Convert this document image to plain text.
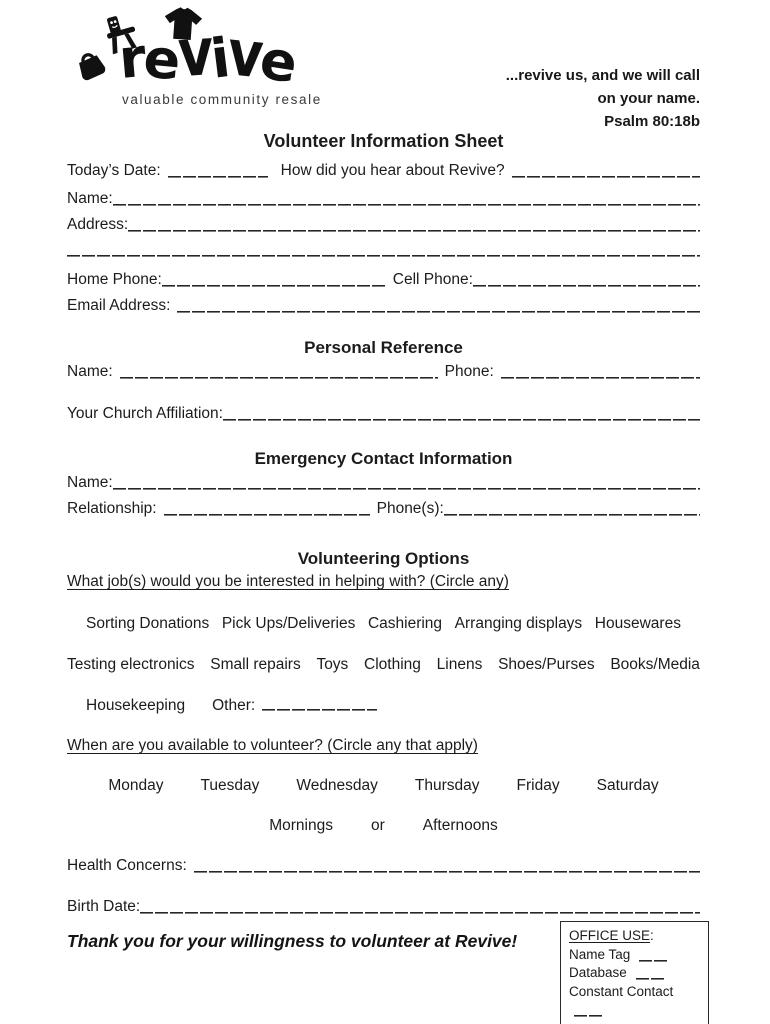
revive
valuable community resale
...revive us, and we will call
on your name.
Psalm 80:18b
Volunteer Information Sheet
Today’s Date:	How did you hear about Revive?
Name:
Address:
Home Phone:	Cell Phone:
Email Address:
Personal Reference
Name:	Phone:
Your Church Affiliation:
Emergency Contact Information
Name:
Relationship:	Phone(s):
Volunteering Options
What job(s) would you be interested in helping with? (Circle any)
Sorting Donations Pick Ups/Deliveries Cashiering Arranging displays Housewares
Testing electronics Small repairs Toys Clothing Linens Shoes/Purses Books/Media
Housekeeping Other:
When are you available to volunteer? (Circle any that apply)
Monday Tuesday Wednesday Thursday Friday Saturday
Mornings or Afternoons
Health Concerns:
Birth Date:
Thank you for your willingness to volunteer at Revive!	OFFICE USE:
Name Tag
Database
Constant Contact
